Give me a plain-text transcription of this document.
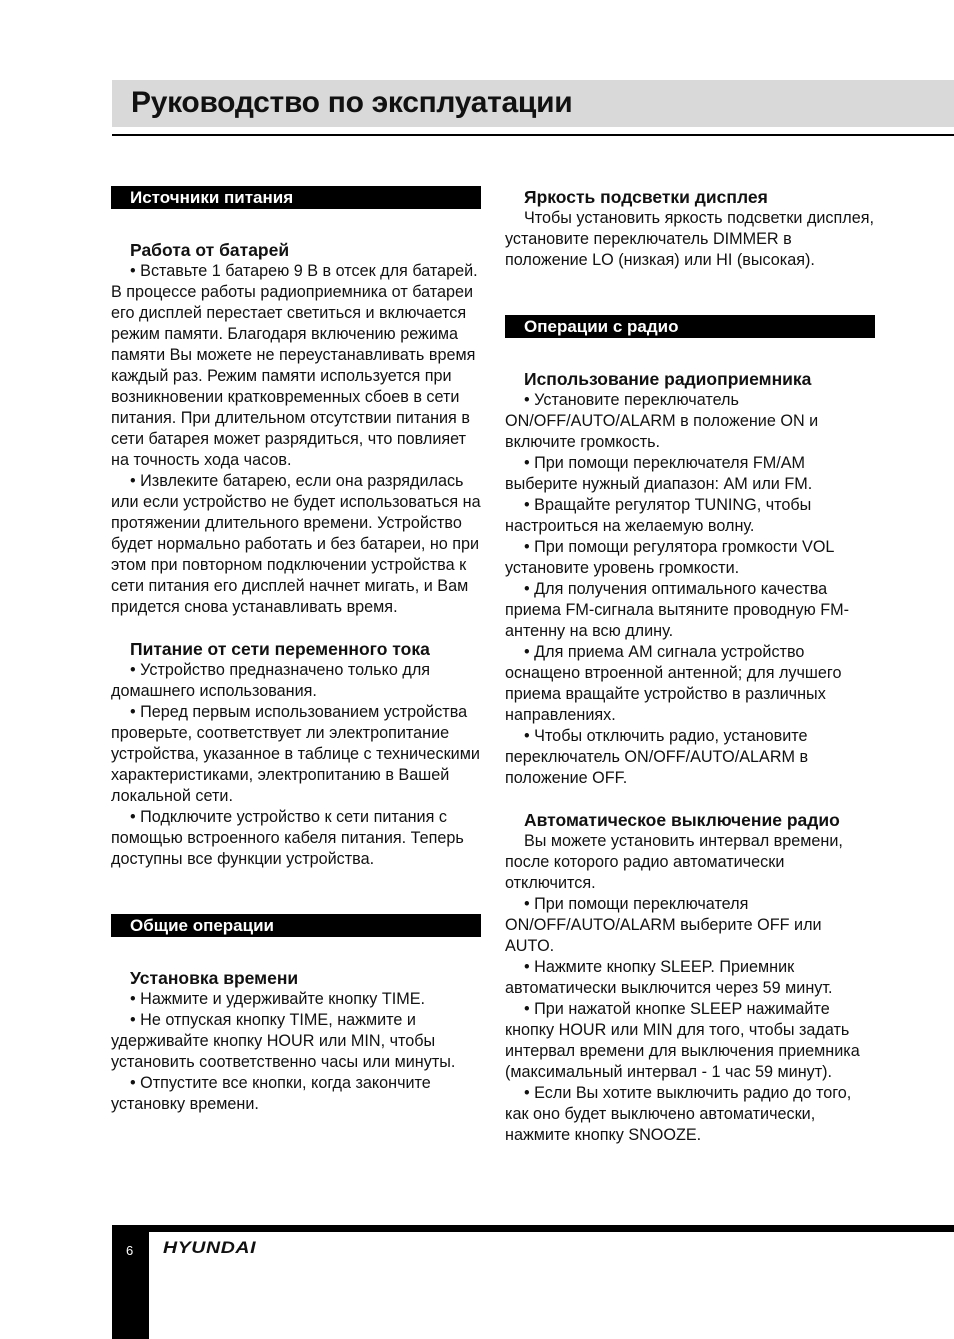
Руководство по эксплуатации
Источники питания
Работа от батарей

• Вставьте 1 батарею 9 В в отсек для батарей. В процессе работы радиоприемника от батареи его дисплей перестает светиться и включается режим памяти. Благодаря включению режима памяти Вы можете не переустанавливать время каждый раз. Режим памяти используется при возникновении кратковременных сбоев в сети питания. При длительном отсутствии питания в сети батарея может разрядиться, что повлияет на точность хода часов.

• Извлеките батарею, если она разрядилась или если устройство не будет использоваться на протяжении длительного времени. Устройство будет нормально работать и без батареи, но при этом при повторном подключении устройства к сети питания его дисплей начнет мигать, и Вам придется снова устанавливать время.

Питание от сети переменного тока

• Устройство предназначено только для домашнего использования.

• Перед первым использованием устройства проверьте, соответствует ли электропитание устройства, указанное в таблице с техническими характеристиками, электропитанию в Вашей локальной сети.

• Подключите устройство к сети питания с помощью встроенного кабеля питания. Теперь доступны все функции устройства.

Общие операции
Установка времени

• Нажмите и удерживайте кнопку TIME.

• Не отпуская кнопку TIME, нажмите и удерживайте кнопку HOUR или MIN, чтобы установить соответственно часы или минуты.

• Отпустите все кнопки, когда закончите установку времени.

Яркость подсветки дисплея

Чтобы установить яркость подсветки дисплея, установите переключатель DIMMER в положение LO (низкая) или HI (высокая).

Операции с радио
Использование радиоприемника

• Установите переключатель ON/OFF/AUTO/ALARM в положение ON и включите громкость.

• При помощи переключателя FM/AM выберите нужный диапазон: AM или FM.

• Вращайте регулятор TUNING, чтобы настроиться на желаемую волну.

• При помощи регулятора громкости VOL установите уровень громкости.

• Для получения оптимального качества приема FM-сигнала вытяните проводную FM-антенну на всю длину.

• Для приема AM сигнала устройство оснащено втроенной антенной; для лучшего приема вращайте устройство в различных направлениях.

• Чтобы отключить радио, установите переключатель ON/OFF/AUTO/ALARM в положение OFF.

Автоматическое выключение радио

Вы можете установить интервал времени, после которого радио автоматически отключится.

• При помощи переключателя ON/OFF/AUTO/ALARM выберите OFF или AUTO.

• Нажмите кнопку SLEEP. Приемник автоматически выключится через 59 минут.

• При нажатой кнопке SLEEP нажимайте кнопку HOUR или MIN для того, чтобы задать интервал времени для выключения приемника (максимальный интервал - 1 час 59 минут).

• Если Вы хотите выключить радио до того, как оно будет выключено автоматически, нажмите кнопку SNOOZE.

6 HYUNDAI
